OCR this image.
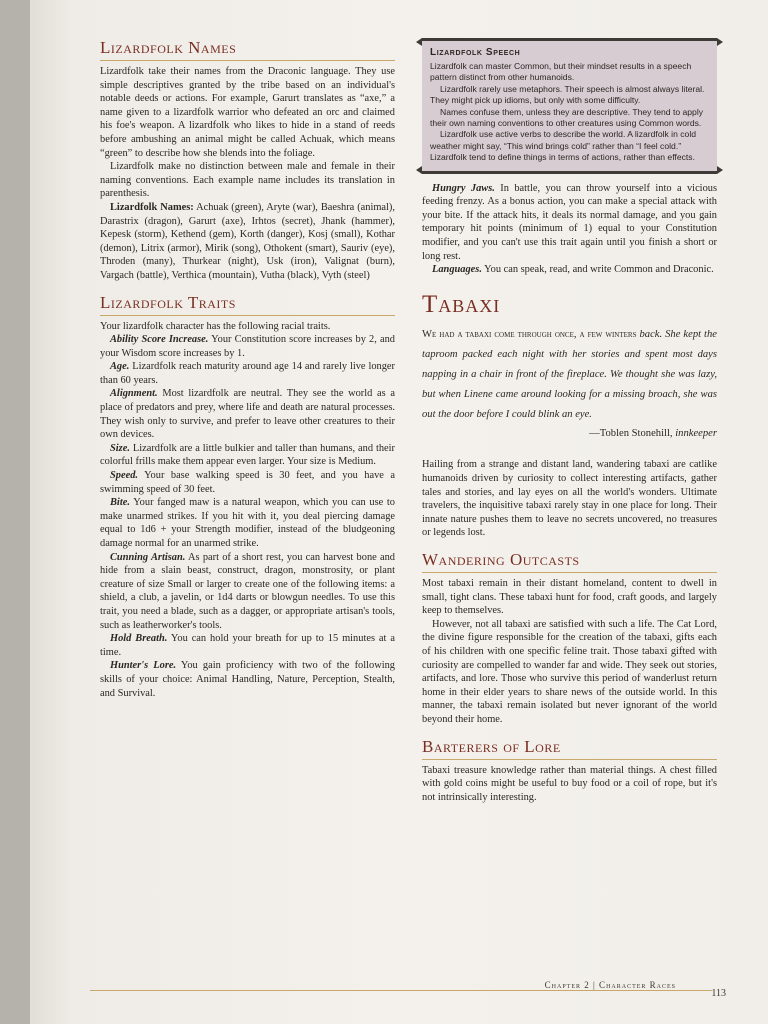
Lizardfolk Names

Lizardfolk take their names from the Draconic language. They use simple descriptives granted by the tribe based on an individual's notable deeds or actions. For example, Garurt translates as “axe,” a name given to a lizardfolk warrior who defeated an orc and claimed his foe's weapon. A lizardfolk who likes to hide in a stand of reeds before ambushing an animal might be called Achuak, which means “green” to describe how she blends into the foliage.

Lizardfolk make no distinction between male and female in their naming conventions. Each example name includes its translation in parenthesis.

Lizardfolk Names: Achuak (green), Aryte (war), Baeshra (animal), Darastrix (dragon), Garurt (axe), Irhtos (secret), Jhank (hammer), Kepesk (storm), Kethend (gem), Korth (danger), Kosj (small), Kothar (demon), Litrix (armor), Mirik (song), Othokent (smart), Sauriv (eye), Throden (many), Thurkear (night), Usk (iron), Valignat (burn), Vargach (battle), Verthica (mountain), Vutha (black), Vyth (steel)

Lizardfolk Traits

Your lizardfolk character has the following racial traits.

Ability Score Increase. Your Constitution score increases by 2, and your Wisdom score increases by 1.

Age. Lizardfolk reach maturity around age 14 and rarely live longer than 60 years.

Alignment. Most lizardfolk are neutral. They see the world as a place of predators and prey, where life and death are natural processes. They wish only to survive, and prefer to leave other creatures to their own devices.

Size. Lizardfolk are a little bulkier and taller than humans, and their colorful frills make them appear even larger. Your size is Medium.

Speed. Your base walking speed is 30 feet, and you have a swimming speed of 30 feet.

Bite. Your fanged maw is a natural weapon, which you can use to make unarmed strikes. If you hit with it, you deal piercing damage equal to 1d6 + your Strength modifier, instead of the bludgeoning damage normal for an unarmed strike.

Cunning Artisan. As part of a short rest, you can harvest bone and hide from a slain beast, construct, dragon, monstrosity, or plant creature of size Small or larger to create one of the following items: a shield, a club, a javelin, or 1d4 darts or blowgun needles. To use this trait, you need a blade, such as a dagger, or appropriate artisan's tools, such as leatherworker's tools.

Hold Breath. You can hold your breath for up to 15 minutes at a time.

Hunter's Lore. You gain proficiency with two of the following skills of your choice: Animal Handling, Nature, Perception, Stealth, and Survival.

Lizardfolk Speech

Lizardfolk can master Common, but their mindset results in a speech pattern distinct from other humanoids.

Lizardfolk rarely use metaphors. Their speech is almost always literal. They might pick up idioms, but only with some difficulty.

Names confuse them, unless they are descriptive. They tend to apply their own naming conventions to other creatures using Common words.

Lizardfolk use active verbs to describe the world. A lizardfolk in cold weather might say, “This wind brings cold” rather than “I feel cold.” Lizardfolk tend to define things in terms of actions, rather than effects.

Hungry Jaws. In battle, you can throw yourself into a vicious feeding frenzy. As a bonus action, you can make a special attack with your bite. If the attack hits, it deals its normal damage, and you gain temporary hit points (minimum of 1) equal to your Constitution modifier, and you can't use this trait again until you finish a short or long rest.

Languages. You can speak, read, and write Common and Draconic.

Tabaxi

We had a tabaxi come through once, a few winters back. She kept the taproom packed each night with her stories and spent most days napping in a chair in front of the fireplace. We thought she was lazy, but when Linene came around looking for a missing broach, she was out the door before I could blink an eye.

—Toblen Stonehill, innkeeper

Hailing from a strange and distant land, wandering tabaxi are catlike humanoids driven by curiosity to collect interesting artifacts, gather tales and stories, and lay eyes on all the world's wonders. Ultimate travelers, the inquisitive tabaxi rarely stay in one place for long. Their innate nature pushes them to leave no secrets uncovered, no treasures or legends lost.

Wandering Outcasts

Most tabaxi remain in their distant homeland, content to dwell in small, tight clans. These tabaxi hunt for food, craft goods, and largely keep to themselves.

However, not all tabaxi are satisfied with such a life. The Cat Lord, the divine figure responsible for the creation of the tabaxi, gifts each of his children with one specific feline trait. Those tabaxi gifted with curiosity are compelled to wander far and wide. They seek out stories, artifacts, and lore. Those who survive this period of wanderlust return home in their elder years to share news of the outside world. In this manner, the tabaxi remain isolated but never ignorant of the world beyond their home.

Barterers of Lore

Tabaxi treasure knowledge rather than material things. A chest filled with gold coins might be useful to buy food or a coil of rope, but it's not intrinsically interesting.

Chapter 2 | Character Races
113
